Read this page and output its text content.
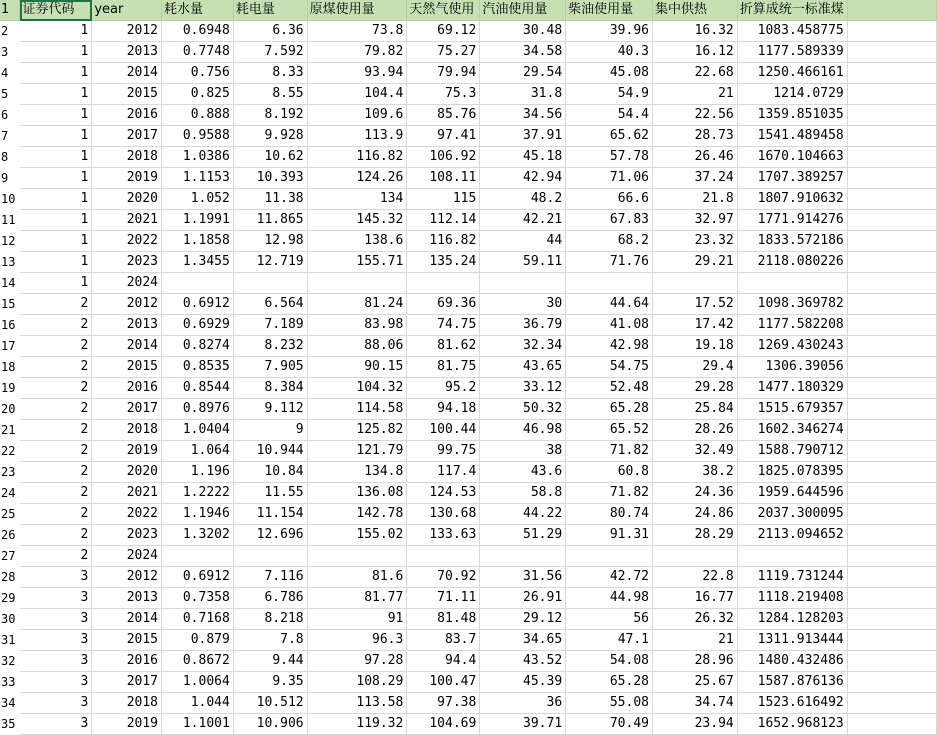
1	证券代码	year	耗水量	耗电量	原煤使用量	天然气使用	汽油使用量	柴油使用量	集中供热	折算成统一标准煤	
2	1	2012	0.6948	6.36	73.8	69.12	30.48	39.96	16.32	1083.458775	
3	1	2013	0.7748	7.592	79.82	75.27	34.58	40.3	16.12	1177.589339	
4	1	2014	0.756	8.33	93.94	79.94	29.54	45.08	22.68	1250.466161	
5	1	2015	0.825	8.55	104.4	75.3	31.8	54.9	21	1214.0729	
6	1	2016	0.888	8.192	109.6	85.76	34.56	54.4	22.56	1359.851035	
7	1	2017	0.9588	9.928	113.9	97.41	37.91	65.62	28.73	1541.489458	
8	1	2018	1.0386	10.62	116.82	106.92	45.18	57.78	26.46	1670.104663	
9	1	2019	1.1153	10.393	124.26	108.11	42.94	71.06	37.24	1707.389257	
10	1	2020	1.052	11.38	134	115	48.2	66.6	21.8	1807.910632	
11	1	2021	1.1991	11.865	145.32	112.14	42.21	67.83	32.97	1771.914276	
12	1	2022	1.1858	12.98	138.6	116.82	44	68.2	23.32	1833.572186	
13	1	2023	1.3455	12.719	155.71	135.24	59.11	71.76	29.21	2118.080226	
14	1	2024									
15	2	2012	0.6912	6.564	81.24	69.36	30	44.64	17.52	1098.369782	
16	2	2013	0.6929	7.189	83.98	74.75	36.79	41.08	17.42	1177.582208	
17	2	2014	0.8274	8.232	88.06	81.62	32.34	42.98	19.18	1269.430243	
18	2	2015	0.8535	7.905	90.15	81.75	43.65	54.75	29.4	1306.39056	
19	2	2016	0.8544	8.384	104.32	95.2	33.12	52.48	29.28	1477.180329	
20	2	2017	0.8976	9.112	114.58	94.18	50.32	65.28	25.84	1515.679357	
21	2	2018	1.0404	9	125.82	100.44	46.98	65.52	28.26	1602.346274	
22	2	2019	1.064	10.944	121.79	99.75	38	71.82	32.49	1588.790712	
23	2	2020	1.196	10.84	134.8	117.4	43.6	60.8	38.2	1825.078395	
24	2	2021	1.2222	11.55	136.08	124.53	58.8	71.82	24.36	1959.644596	
25	2	2022	1.1946	11.154	142.78	130.68	44.22	80.74	24.86	2037.300095	
26	2	2023	1.3202	12.696	155.02	133.63	51.29	91.31	28.29	2113.094652	
27	2	2024									
28	3	2012	0.6912	7.116	81.6	70.92	31.56	42.72	22.8	1119.731244	
29	3	2013	0.7358	6.786	81.77	71.11	26.91	44.98	16.77	1118.219408	
30	3	2014	0.7168	8.218	91	81.48	29.12	56	26.32	1284.128203	
31	3	2015	0.879	7.8	96.3	83.7	34.65	47.1	21	1311.913444	
32	3	2016	0.8672	9.44	97.28	94.4	43.52	54.08	28.96	1480.432486	
33	3	2017	1.0064	9.35	108.29	100.47	45.39	65.28	25.67	1587.876136	
34	3	2018	1.044	10.512	113.58	97.38	36	55.08	34.74	1523.616492	
35	3	2019	1.1001	10.906	119.32	104.69	39.71	70.49	23.94	1652.968123	
